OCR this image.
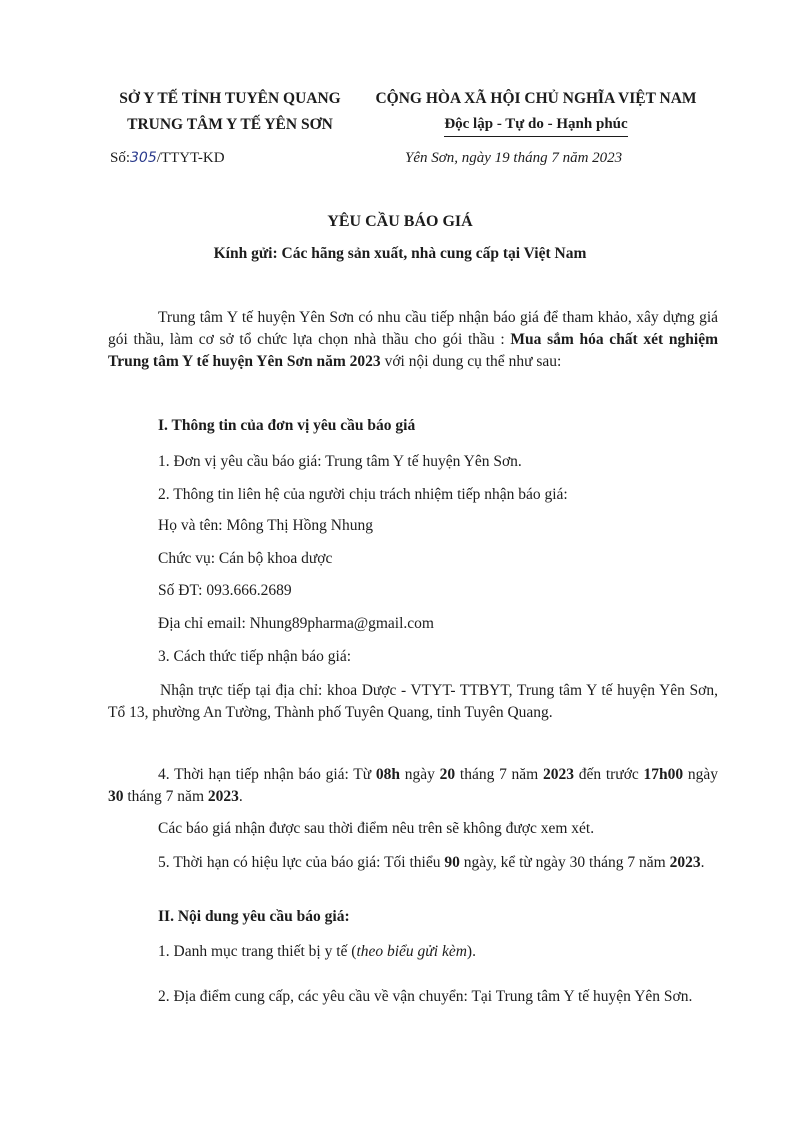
SỞ Y TẾ TỈNH TUYÊN QUANG
TRUNG TÂM Y TẾ YÊN SƠN
CỘNG HÒA XÃ HỘI CHỦ NGHĨA VIỆT NAM
Độc lập - Tự do - Hạnh phúc
Số:305/TTYT-KD	Yên Sơn, ngày 19 tháng 7 năm 2023
YÊU CẦU BÁO GIÁ
Kính gửi: Các hãng sản xuất, nhà cung cấp tại Việt Nam
Trung tâm Y tế huyện Yên Sơn có nhu cầu tiếp nhận báo giá để tham khảo, xây dựng giá gói thầu, làm cơ sở tổ chức lựa chọn nhà thầu cho gói thầu : Mua sắm hóa chất xét nghiệm Trung tâm Y tế huyện Yên Sơn năm 2023 với nội dung cụ thể như sau:
I. Thông tin của đơn vị yêu cầu báo giá
1. Đơn vị yêu cầu báo giá: Trung tâm Y tế huyện Yên Sơn.
2. Thông tin liên hệ của người chịu trách nhiệm tiếp nhận báo giá:
Họ và tên: Mông Thị Hồng Nhung
Chức vụ: Cán bộ khoa dược
Số ĐT: 093.666.2689
Địa chỉ email: Nhung89pharma@gmail.com
3. Cách thức tiếp nhận báo giá:
Nhận trực tiếp tại địa chỉ: khoa Dược - VTYT- TTBYT, Trung tâm Y tế huyện Yên Sơn, Tổ 13, phường An Tường, Thành phố Tuyên Quang, tỉnh Tuyên Quang.
4. Thời hạn tiếp nhận báo giá: Từ 08h ngày 20 tháng 7 năm 2023 đến trước 17h00 ngày 30 tháng 7 năm 2023.
Các báo giá nhận được sau thời điểm nêu trên sẽ không được xem xét.
5. Thời hạn có hiệu lực của báo giá: Tối thiểu 90 ngày, kể từ ngày 30 tháng 7 năm 2023.
II. Nội dung yêu cầu báo giá:
1. Danh mục trang thiết bị y tế (theo biểu gửi kèm).
2. Địa điểm cung cấp, các yêu cầu về vận chuyển: Tại Trung tâm Y tế huyện Yên Sơn.
